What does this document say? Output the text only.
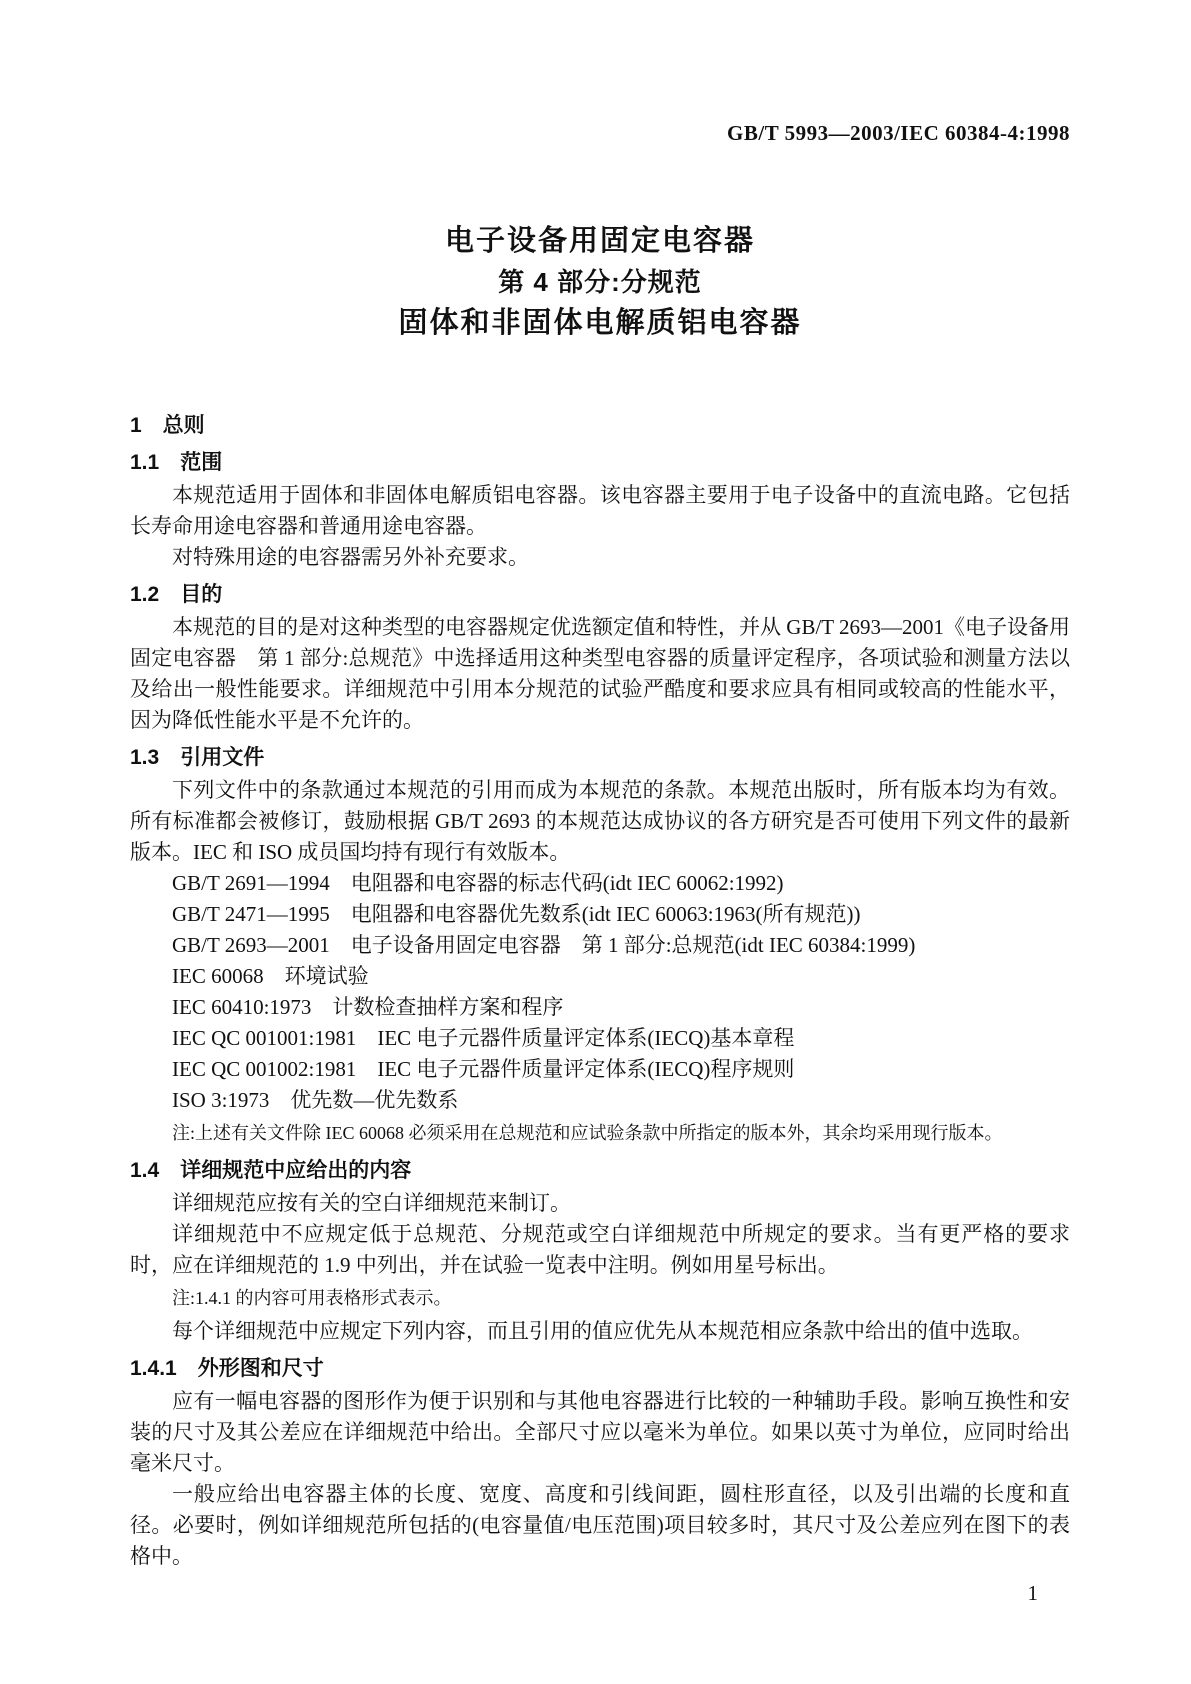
GB/T 5993—2003/IEC 60384-4:1998
电子设备用固定电容器
第 4 部分:分规范
固体和非固体电解质铝电容器
1　总则
1.1　范围

本规范适用于固体和非固体电解质铝电容器。该电容器主要用于电子设备中的直流电路。它包括长寿命用途电容器和普通用途电容器。

对特殊用途的电容器需另外补充要求。

1.2　目的

本规范的目的是对这种类型的电容器规定优选额定值和特性，并从 GB/T 2693—2001《电子设备用固定电容器　第 1 部分:总规范》中选择适用这种类型电容器的质量评定程序，各项试验和测量方法以及给出一般性能要求。详细规范中引用本分规范的试验严酷度和要求应具有相同或较高的性能水平，因为降低性能水平是不允许的。

1.3　引用文件

下列文件中的条款通过本规范的引用而成为本规范的条款。本规范出版时，所有版本均为有效。所有标准都会被修订，鼓励根据 GB/T 2693 的本规范达成协议的各方研究是否可使用下列文件的最新版本。IEC 和 ISO 成员国均持有现行有效版本。

GB/T 2691—1994　电阻器和电容器的标志代码(idt IEC 60062:1992)

GB/T 2471—1995　电阻器和电容器优先数系(idt IEC 60063:1963(所有规范))

GB/T 2693—2001　电子设备用固定电容器　第 1 部分:总规范(idt IEC 60384:1999)

IEC 60068　环境试验

IEC 60410:1973　计数检查抽样方案和程序

IEC QC 001001:1981　IEC 电子元器件质量评定体系(IECQ)基本章程

IEC QC 001002:1981　IEC 电子元器件质量评定体系(IECQ)程序规则

ISO 3:1973　优先数—优先数系

注:上述有关文件除 IEC 60068 必须采用在总规范和应试验条款中所指定的版本外，其余均采用现行版本。

1.4　详细规范中应给出的内容

详细规范应按有关的空白详细规范来制订。

详细规范中不应规定低于总规范、分规范或空白详细规范中所规定的要求。当有更严格的要求时，应在详细规范的 1.9 中列出，并在试验一览表中注明。例如用星号标出。

注:1.4.1 的内容可用表格形式表示。

每个详细规范中应规定下列内容，而且引用的值应优先从本规范相应条款中给出的值中选取。

1.4.1　外形图和尺寸

应有一幅电容器的图形作为便于识别和与其他电容器进行比较的一种辅助手段。影响互换性和安装的尺寸及其公差应在详细规范中给出。全部尺寸应以毫米为单位。如果以英寸为单位，应同时给出毫米尺寸。

一般应给出电容器主体的长度、宽度、高度和引线间距，圆柱形直径，以及引出端的长度和直径。必要时，例如详细规范所包括的(电容量值/电压范围)项目较多时，其尺寸及公差应列在图下的表格中。

1
